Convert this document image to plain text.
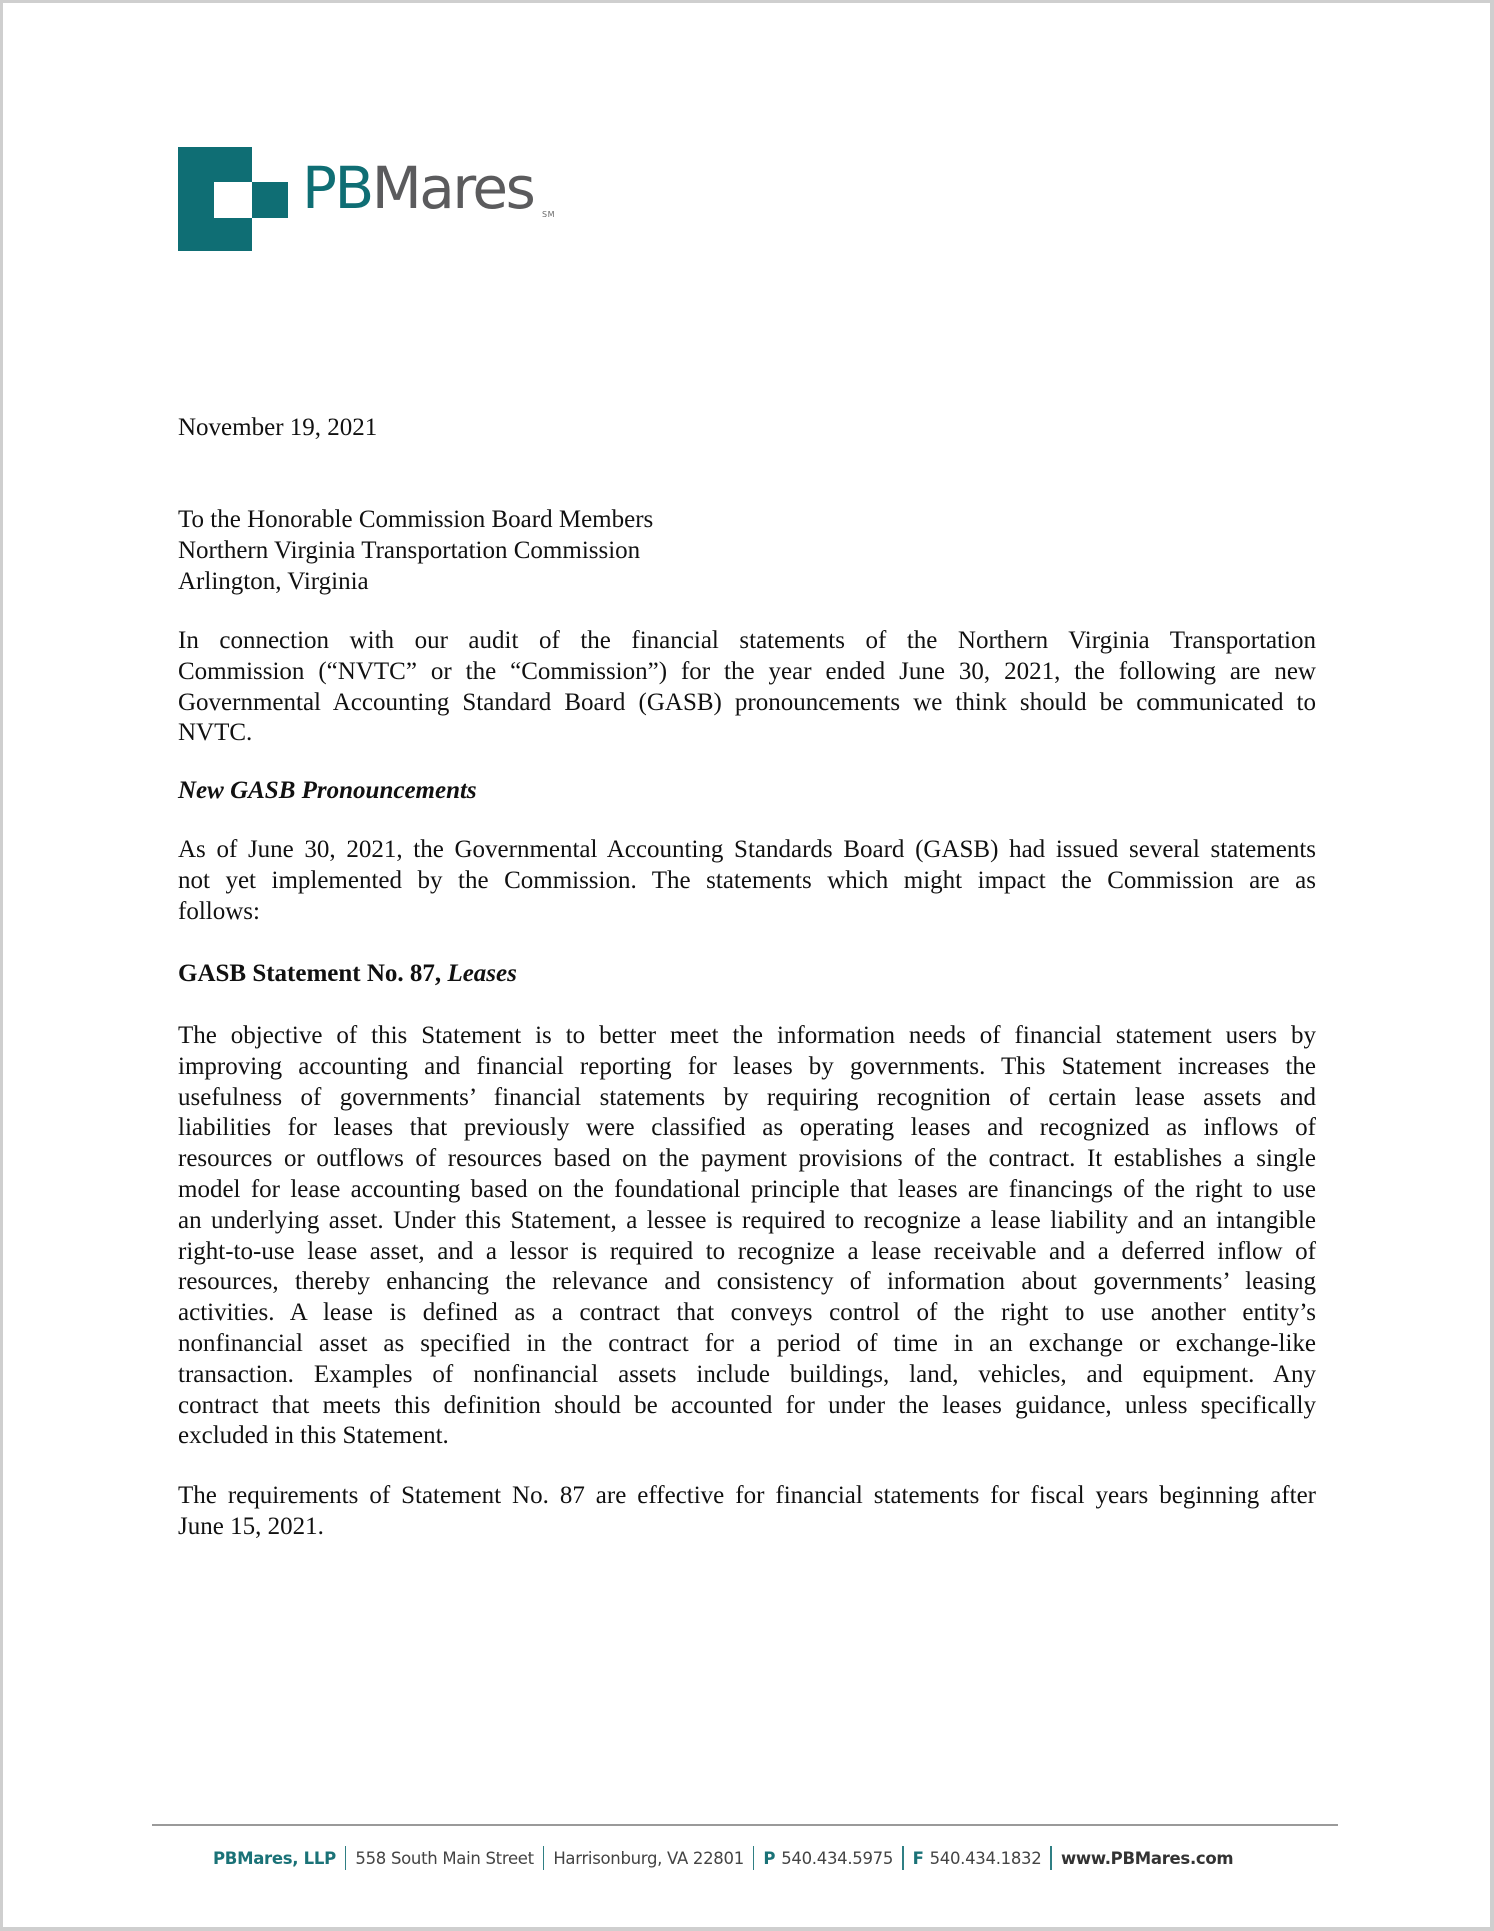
PBMares SM
November 19, 2021
To the Honorable Commission Board Members
Northern Virginia Transportation Commission
Arlington, Virginia
In connection with our audit of the financial statements of the Northern Virginia Transportation
Commission (“NVTC” or the “Commission”) for the year ended June 30, 2021, the following are new
Governmental Accounting Standard Board (GASB) pronouncements we think should be communicated to
NVTC.
New GASB Pronouncements
As of June 30, 2021, the Governmental Accounting Standards Board (GASB) had issued several statements
not yet implemented by the Commission. The statements which might impact the Commission are as
follows:
GASB Statement No. 87, Leases
The objective of this Statement is to better meet the information needs of financial statement users by
improving accounting and financial reporting for leases by governments. This Statement increases the
usefulness of governments’ financial statements by requiring recognition of certain lease assets and
liabilities for leases that previously were classified as operating leases and recognized as inflows of
resources or outflows of resources based on the payment provisions of the contract. It establishes a single
model for lease accounting based on the foundational principle that leases are financings of the right to use
an underlying asset. Under this Statement, a lessee is required to recognize a lease liability and an intangible
right-to-use lease asset, and a lessor is required to recognize a lease receivable and a deferred inflow of
resources, thereby enhancing the relevance and consistency of information about governments’ leasing
activities. A lease is defined as a contract that conveys control of the right to use another entity’s
nonfinancial asset as specified in the contract for a period of time in an exchange or exchange-like
transaction. Examples of nonfinancial assets include buildings, land, vehicles, and equipment. Any
contract that meets this definition should be accounted for under the leases guidance, unless specifically
excluded in this Statement.
The requirements of Statement No. 87 are effective for financial statements for fiscal years beginning after
June 15, 2021.
PBMares, LLP 558 South Main Street Harrisonburg, VA 22801 P 540.434.5975 F 540.434.1832 www.PBMares.com
